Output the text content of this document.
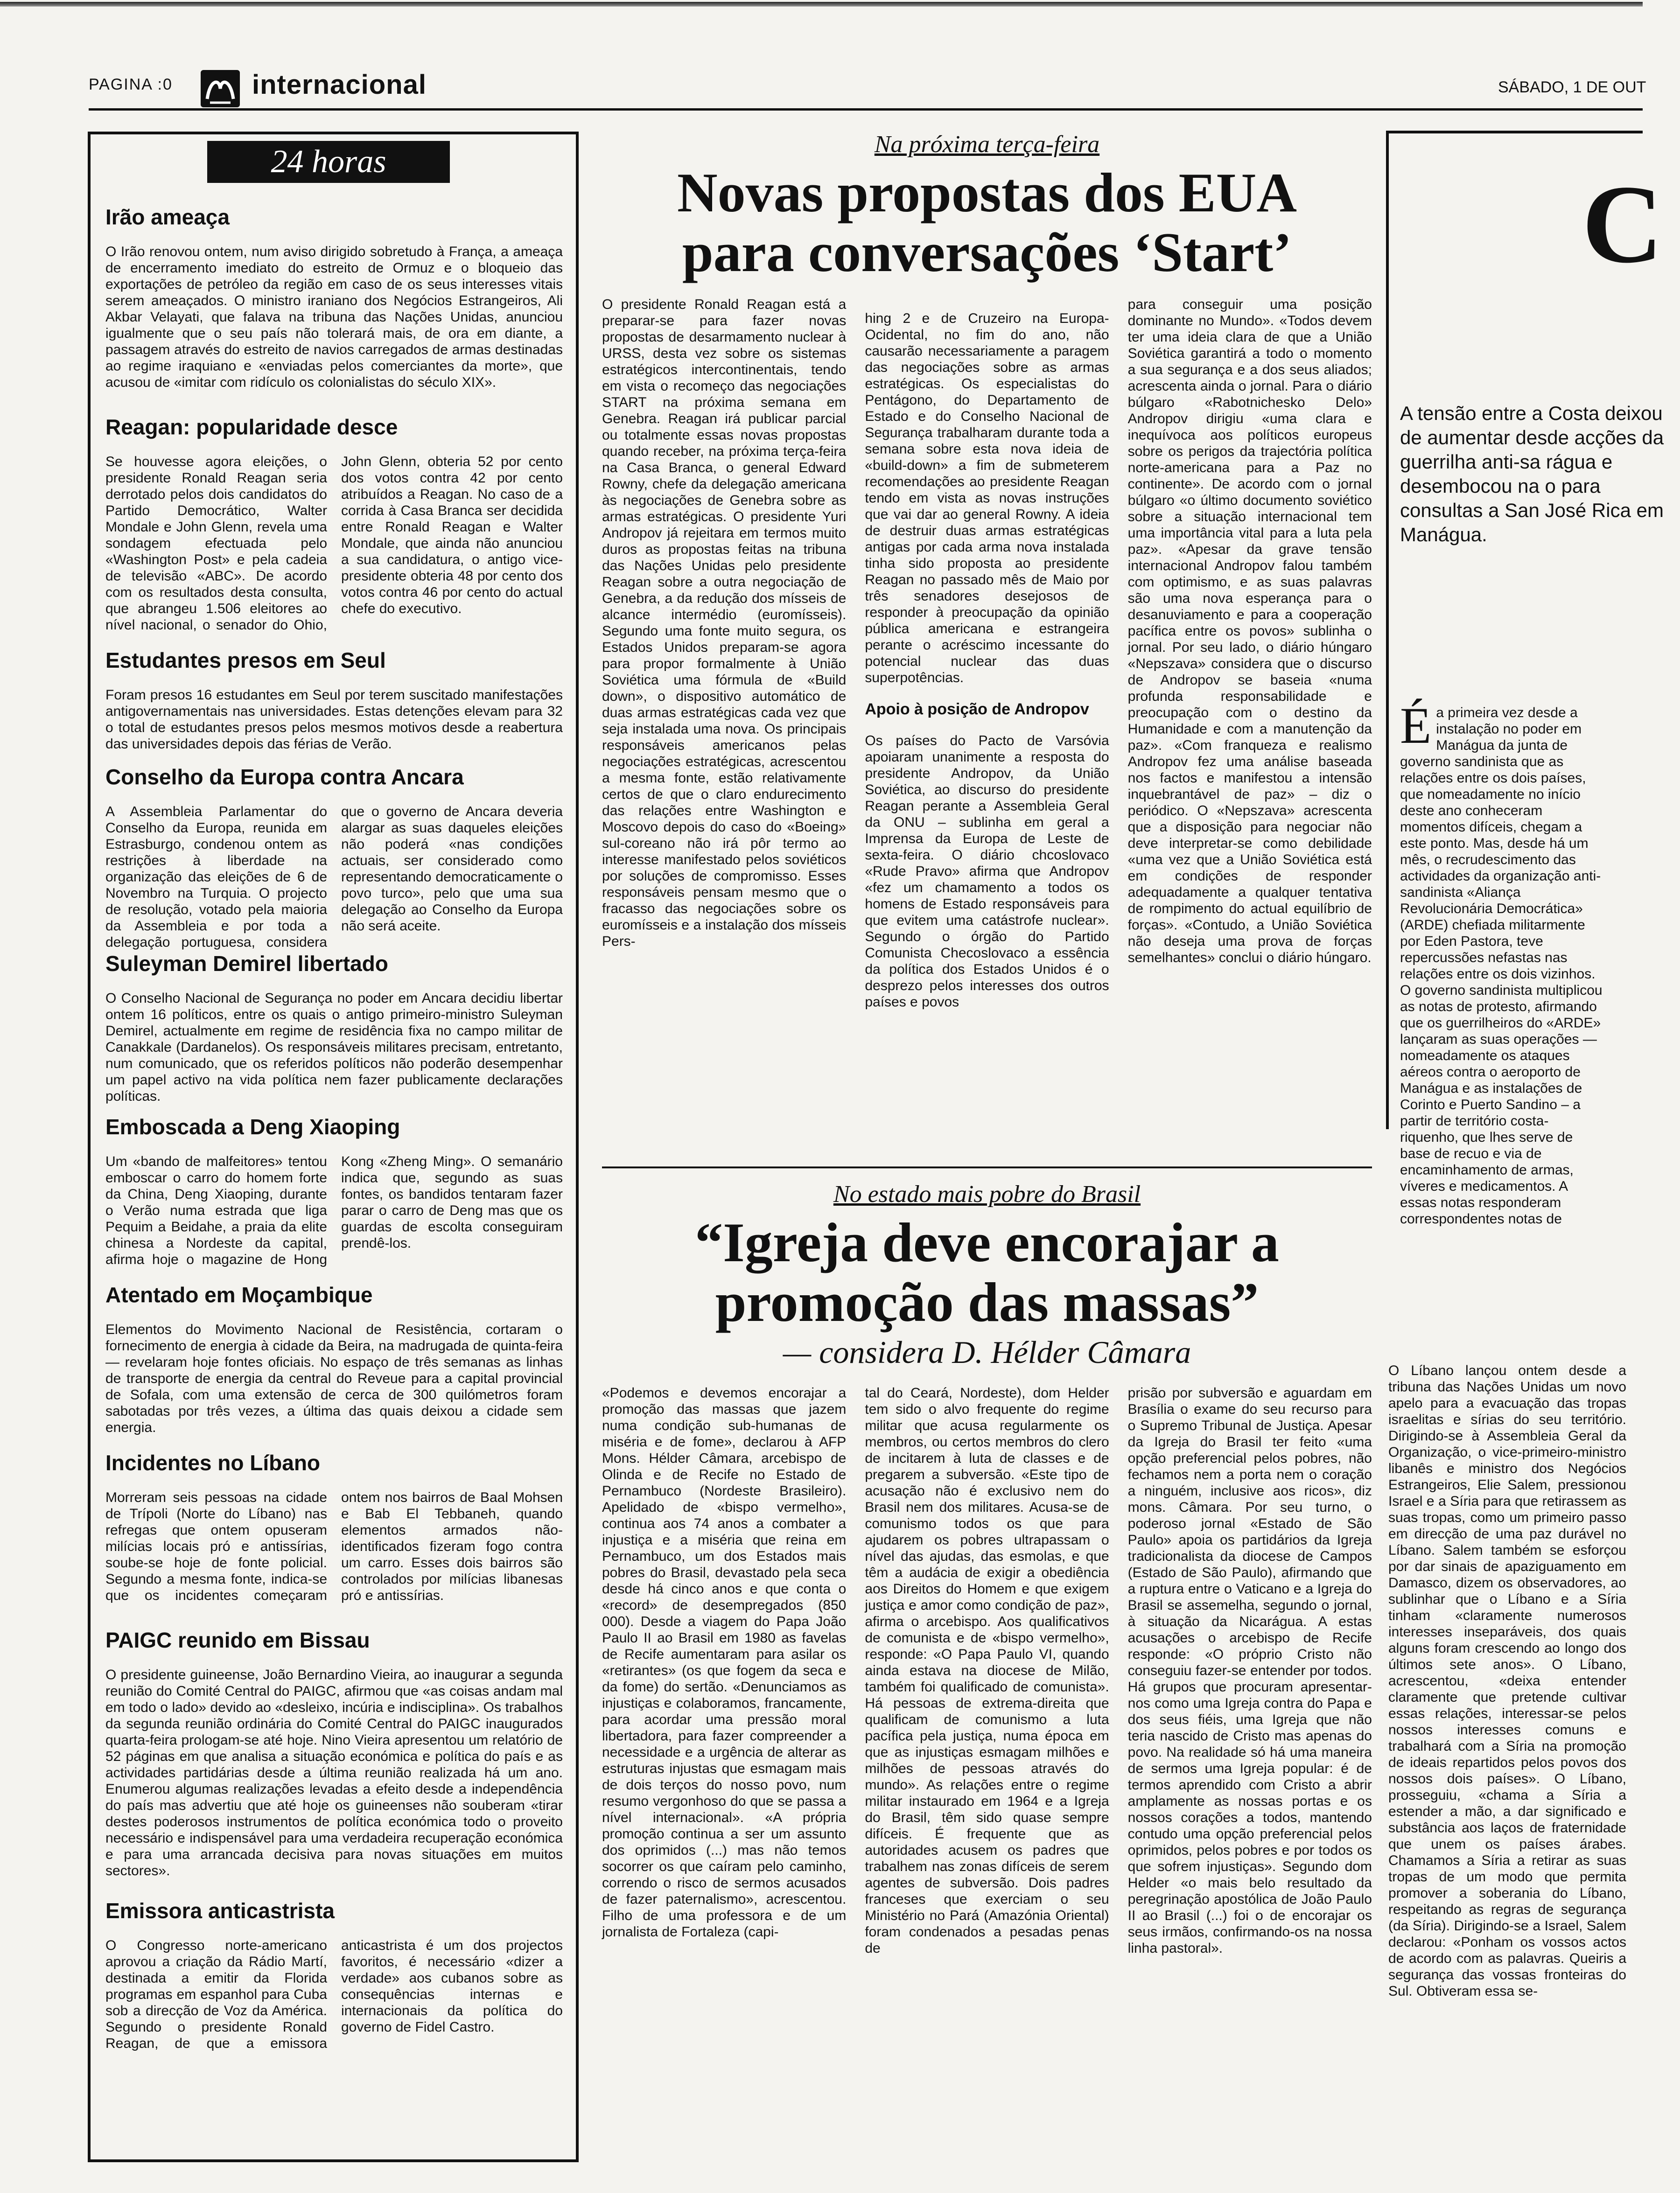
PAGINA :0	internacional	SÁBADO, 1 DE OUT
24 horas

Irão ameaça

O Irão renovou ontem, num aviso dirigido sobretudo à França, a ameaça de encerramento imediato do estreito de Ormuz e o bloqueio das exportações de petróleo da região em caso de os seus interesses vitais serem ameaçados. O ministro iraniano dos Negócios Estrangeiros, Ali Akbar Velayati, que falava na tribuna das Nações Unidas, anunciou igualmente que o seu país não tolerará mais, de ora em diante, a passagem através do estreito de navios carregados de armas destinadas ao regime iraquiano e «enviadas pelos comerciantes da morte», que acusou de «imitar com ridículo os colonialistas do século XIX».

Reagan: popularidade desce

Se houvesse agora eleições, o presidente Ronald Reagan seria derrotado pelos dois candidatos do Partido Democrático, Walter Mondale e John Glenn, revela uma sondagem efectuada pelo «Washington Post» e pela cadeia de televisão «ABC». De acordo com os resultados desta consulta, que abrangeu 1.506 eleitores ao nível nacional, o senador do Ohio, John Glenn, obteria 52 por cento dos votos contra 42 por cento atribuídos a Reagan. No caso de a corrida à Casa Branca ser decidida entre Ronald Reagan e Walter Mondale, que ainda não anunciou a sua candidatura, o antigo vice-presidente obteria 48 por cento dos votos contra 46 por cento do actual chefe do executivo.

Estudantes presos em Seul

Foram presos 16 estudantes em Seul por terem suscitado manifestações antigovernamentais nas universidades. Estas detenções elevam para 32 o total de estudantes presos pelos mesmos motivos desde a reabertura das universidades depois das férias de Verão.

Conselho da Europa contra Ancara

A Assembleia Parlamentar do Conselho da Europa, reunida em Estrasburgo, condenou ontem as restrições à liberdade na organização das eleições de 6 de Novembro na Turquia. O projecto de resolução, votado pela maioria da Assembleia e por toda a delegação portuguesa, considera que o governo de Ancara deveria alargar as suas daqueles eleições não poderá «nas condições actuais, ser considerado como representando democraticamente o povo turco», pelo que uma sua delegação ao Conselho da Europa não será aceite.

Suleyman Demirel libertado

O Conselho Nacional de Segurança no poder em Ancara decidiu libertar ontem 16 políticos, entre os quais o antigo primeiro-ministro Suleyman Demirel, actualmente em regime de residência fixa no campo militar de Canakkale (Dardanelos). Os responsáveis militares precisam, entretanto, num comunicado, que os referidos políticos não poderão desempenhar um papel activo na vida política nem fazer publicamente declarações políticas.

Emboscada a Deng Xiaoping

Um «bando de malfeitores» tentou emboscar o carro do homem forte da China, Deng Xiaoping, durante o Verão numa estrada que liga Pequim a Beidahe, a praia da elite chinesa a Nordeste da capital, afirma hoje o magazine de Hong Kong «Zheng Ming». O semanário indica que, segundo as suas fontes, os bandidos tentaram fazer parar o carro de Deng mas que os guardas de escolta conseguiram prendê-los.

Atentado em Moçambique

Elementos do Movimento Nacional de Resistência, cortaram o fornecimento de energia à cidade da Beira, na madrugada de quinta-feira — revelaram hoje fontes oficiais. No espaço de três semanas as linhas de transporte de energia da central do Reveue para a capital provincial de Sofala, com uma extensão de cerca de 300 quilómetros foram sabotadas por três vezes, a última das quais deixou a cidade sem energia.

Incidentes no Líbano

Morreram seis pessoas na cidade de Trípoli (Norte do Líbano) nas refregas que ontem opuseram milícias locais pró e antissírias, soube-se hoje de fonte policial. Segundo a mesma fonte, indica-se que os incidentes começaram ontem nos bairros de Baal Mohsen e Bab El Tebbaneh, quando elementos armados não-identificados fizeram fogo contra um carro. Esses dois bairros são controlados por milícias libanesas pró e antissírias.

PAIGC reunido em Bissau

O presidente guineense, João Bernardino Vieira, ao inaugurar a segunda reunião do Comité Central do PAIGC, afirmou que «as coisas andam mal em todo o lado» devido ao «desleixo, incúria e indisciplina». Os trabalhos da segunda reunião ordinária do Comité Central do PAIGC inaugurados quarta-feira prologam-se até hoje. Nino Vieira apresentou um relatório de 52 páginas em que analisa a situação económica e política do país e as actividades partidárias desde a última reunião realizada há um ano. Enumerou algumas realizações levadas a efeito desde a independência do país mas advertiu que até hoje os guineenses não souberam «tirar destes poderosos instrumentos de política económica todo o proveito necessário e indispensável para uma verdadeira recuperação económica e para uma arrancada decisiva para novas situações em muitos sectores».

Emissora anticastrista

O Congresso norte-americano aprovou a criação da Rádio Martí, destinada a emitir da Florida programas em espanhol para Cuba sob a direcção de Voz da América. Segundo o presidente Ronald Reagan, de que a emissora anticastrista é um dos projectos favoritos, é necessário «dizer a verdade» aos cubanos sobre as consequências internas e internacionais da política do governo de Fidel Castro.

Na próxima terça-feira
Novas propostas dos EUA para conversações ‘Start’
O presidente Ronald Reagan está a preparar-se para fazer novas propostas de desarmamento nuclear à URSS, desta vez sobre os sistemas estratégicos intercontinentais, tendo em vista o recomeço das negociações START na próxima semana em Genebra. Reagan irá publicar parcial ou totalmente essas novas propostas quando receber, na próxima terça-feira na Casa Branca, o general Edward Rowny, chefe da delegação americana às negociações de Genebra sobre as armas estratégicas. O presidente Yuri Andropov já rejeitara em termos muito duros as propostas feitas na tribuna das Nações Unidas pelo presidente Reagan sobre a outra negociação de Genebra, a da redução dos mísseis de alcance intermédio (euromísseis). Segundo uma fonte muito segura, os Estados Unidos preparam-se agora para propor formalmente à União Soviética uma fórmula de «Build down», o dispositivo automático de duas armas estratégicas cada vez que seja instalada uma nova. Os principais responsáveis americanos pelas negociações estratégicas, acrescentou a mesma fonte, estão relativamente certos de que o claro endurecimento das relações entre Washington e Moscovo depois do caso do «Boeing» sul-coreano não irá pôr termo ao interesse manifestado pelos soviéticos por soluções de compromisso. Esses responsáveis pensam mesmo que o fracasso das negociações sobre os euromísseis e a instalação dos mísseis Pers-

hing 2 e de Cruzeiro na Europa-Ocidental, no fim do ano, não causarão necessariamente a paragem das negociações sobre as armas estratégicas. Os especialistas do Pentágono, do Departamento de Estado e do Conselho Nacional de Segurança trabalharam durante toda a semana sobre esta nova ideia de «build-down» a fim de submeterem recomendações ao presidente Reagan tendo em vista as novas instruções que vai dar ao general Rowny. A ideia de destruir duas armas estratégicas antigas por cada arma nova instalada tinha sido proposta ao presidente Reagan no passado mês de Maio por três senadores desejosos de responder à preocupação da opinião pública americana e estrangeira perante o acréscimo incessante do potencial nuclear das duas superpotências.

Apoio à posição de Andropov

Os países do Pacto de Varsóvia apoiaram unanimente a resposta do presidente Andropov, da União Soviética, ao discurso do presidente Reagan perante a Assembleia Geral da ONU – sublinha em geral a Imprensa da Europa de Leste de sexta-feira. O diário chcoslovaco «Rude Pravo» afirma que Andropov «fez um chamamento a todos os homens de Estado responsáveis para que evitem uma catástrofe nuclear». Segundo o órgão do Partido Comunista Checoslovaco a essência da política dos Estados Unidos é o desprezo pelos interesses dos outros países e povos

para conseguir uma posição dominante no Mundo». «Todos devem ter uma ideia clara de que a União Soviética garantirá a todo o momento a sua segurança e a dos seus aliados; acrescenta ainda o jornal. Para o diário búlgaro «Rabotnichesko Delo» Andropov dirigiu «uma clara e inequívoca aos políticos europeus sobre os perigos da trajectória política norte-americana para a Paz no continente». De acordo com o jornal búlgaro «o último documento soviético sobre a situação internacional tem uma importância vital para a luta pela paz». «Apesar da grave tensão internacional Andropov falou também com optimismo, e as suas palavras são uma nova esperança para o desanuviamento e para a cooperação pacífica entre os povos» sublinha o jornal. Por seu lado, o diário húngaro «Nepszava» considera que o discurso de Andropov se baseia «numa profunda responsabilidade e preocupação com o destino da Humanidade e com a manutenção da paz». «Com franqueza e realismo Andropov fez uma análise baseada nos factos e manifestou a intensão inquebrantável de paz» – diz o periódico. O «Nepszava» acrescenta que a disposição para negociar não deve interpretar-se como debilidade «uma vez que a União Soviética está em condições de responder adequadamente a qualquer tentativa de rompimento do actual equilíbrio de forças». «Contudo, a União Soviética não deseja uma prova de forças semelhantes» conclui o diário húngaro.
No estado mais pobre do Brasil
“Igreja deve encorajar a promoção das massas”
— considera D. Hélder Câmara
«Podemos e devemos encorajar a promoção das massas que jazem numa condição sub-humanas de miséria e de fome», declarou à AFP Mons. Hélder Câmara, arcebispo de Olinda e de Recife no Estado de Pernambuco (Nordeste Brasileiro). Apelidado de «bispo vermelho», continua aos 74 anos a combater a injustiça e a miséria que reina em Pernambuco, um dos Estados mais pobres do Brasil, devastado pela seca desde há cinco anos e que conta o «record» de desempregados (850 000). Desde a viagem do Papa João Paulo II ao Brasil em 1980 as favelas de Recife aumentaram para asilar os «retirantes» (os que fogem da seca e da fome) do sertão. «Denunciamos as injustiças e colaboramos, francamente, para acordar uma pressão moral libertadora, para fazer compreender a necessidade e a urgência de alterar as estruturas injustas que esmagam mais de dois terços do nosso povo, num resumo vergonhoso do que se passa a nível internacional». «A própria promoção continua a ser um assunto dos oprimidos (...) mas não temos socorrer os que caíram pelo caminho, correndo o risco de sermos acusados de fazer paternalismo», acrescentou. Filho de uma professora e de um jornalista de Fortaleza (capi-
tal do Ceará, Nordeste), dom Helder tem sido o alvo frequente do regime militar que acusa regularmente os membros, ou certos membros do clero de incitarem à luta de classes e de pregarem a subversão. «Este tipo de acusação não é exclusivo nem do Brasil nem dos militares. Acusa-se de comunismo todos os que para ajudarem os pobres ultrapassam o nível das ajudas, das esmolas, e que têm a audácia de exigir a obediência aos Direitos do Homem e que exigem justiça e amor como condição de paz», afirma o arcebispo. Aos qualificativos de comunista e de «bispo vermelho», responde: «O Papa Paulo VI, quando ainda estava na diocese de Milão, também foi qualificado de comunista». Há pessoas de extrema-direita que qualificam de comunismo a luta pacífica pela justiça, numa época em que as injustiças esmagam milhões e milhões de pessoas através do mundo». As relações entre o regime militar instaurado em 1964 e a Igreja do Brasil, têm sido quase sempre difíceis. É frequente que as autoridades acusem os padres que trabalhem nas zonas difíceis de serem agentes de subversão. Dois padres franceses que exerciam o seu Ministério no Pará (Amazónia Oriental) foram condenados a pesadas penas de
prisão por subversão e aguardam em Brasília o exame do seu recurso para o Supremo Tribunal de Justiça. Apesar da Igreja do Brasil ter feito «uma opção preferencial pelos pobres, não fechamos nem a porta nem o coração a ninguém, inclusive aos ricos», diz mons. Câmara. Por seu turno, o poderoso jornal «Estado de São Paulo» apoia os partidários da Igreja tradicionalista da diocese de Campos (Estado de São Paulo), afirmando que a ruptura entre o Vaticano e a Igreja do Brasil se assemelha, segundo o jornal, à situação da Nicarágua. A estas acusações o arcebispo de Recife responde: «O próprio Cristo não conseguiu fazer-se entender por todos. Há grupos que procuram apresentar-nos como uma Igreja contra do Papa e dos seus fiéis, uma Igreja que não teria nascido de Cristo mas apenas do povo. Na realidade só há uma maneira de sermos uma Igreja popular: é de termos aprendido com Cristo a abrir amplamente as nossas portas e os nossos corações a todos, mantendo contudo uma opção preferencial pelos oprimidos, pelos pobres e por todos os que sofrem injustiças». Segundo dom Helder «o mais belo resultado da peregrinação apostólica de João Paulo II ao Brasil (...) foi o de encorajar os seus irmãos, confirmando-os na nossa linha pastoral».
C
A tensão entre a Costa deixou de aumentar desde acções da guerrilha anti-sa rágua e desembocou na o para consultas a San José Rica em Manágua.
É a primeira vez desde a instalação no poder em Manágua da junta de governo sandinista que as relações entre os dois países, que nomeadamente no início deste ano conheceram momentos difíceis, chegam a este ponto. Mas, desde há um mês, o recrudescimento das actividades da organização anti-sandinista «Aliança Revolucionária Democrática» (ARDE) chefiada militarmente por Eden Pastora, teve repercussões nefastas nas relações entre os dois vizinhos. O governo sandinista multiplicou as notas de protesto, afirmando que os guerrilheiros do «ARDE» lançaram as suas operações — nomeadamente os ataques aéreos contra o aeroporto de Manágua e as instalações de Corinto e Puerto Sandino – a partir de território costa-riquenho, que lhes serve de base de recuo e via de encaminhamento de armas, víveres e medicamentos. A essas notas responderam correspondentes notas de
O Líbano lançou ontem desde a tribuna das Nações Unidas um novo apelo para a evacuação das tropas israelitas e sírias do seu território. Dirigindo-se à Assembleia Geral da Organização, o vice-primeiro-ministro libanês e ministro dos Negócios Estrangeiros, Elie Salem, pressionou Israel e a Síria para que retirassem as suas tropas, como um primeiro passo em direcção de uma paz durável no Líbano. Salem também se esforçou por dar sinais de apaziguamento em Damasco, dizem os observadores, ao sublinhar que o Líbano e a Síria tinham «claramente numerosos interesses inseparáveis, dos quais alguns foram crescendo ao longo dos últimos sete anos». O Líbano, acrescentou, «deixa entender claramente que pretende cultivar essas relações, interessar-se pelos nossos interesses comuns e trabalhará com a Síria na promoção de ideais repartidos pelos povos dos nossos dois países». O Líbano, prosseguiu, «chama a Síria a estender a mão, a dar significado e substância aos laços de fraternidade que unem os países árabes. Chamamos a Síria a retirar as suas tropas de um modo que permita promover a soberania do Líbano, respeitando as regras de segurança (da Síria). Dirigindo-se a Israel, Salem declarou: «Ponham os vossos actos de acordo com as palavras. Queiris a segurança das vossas fronteiras do Sul. Obtiveram essa se-
